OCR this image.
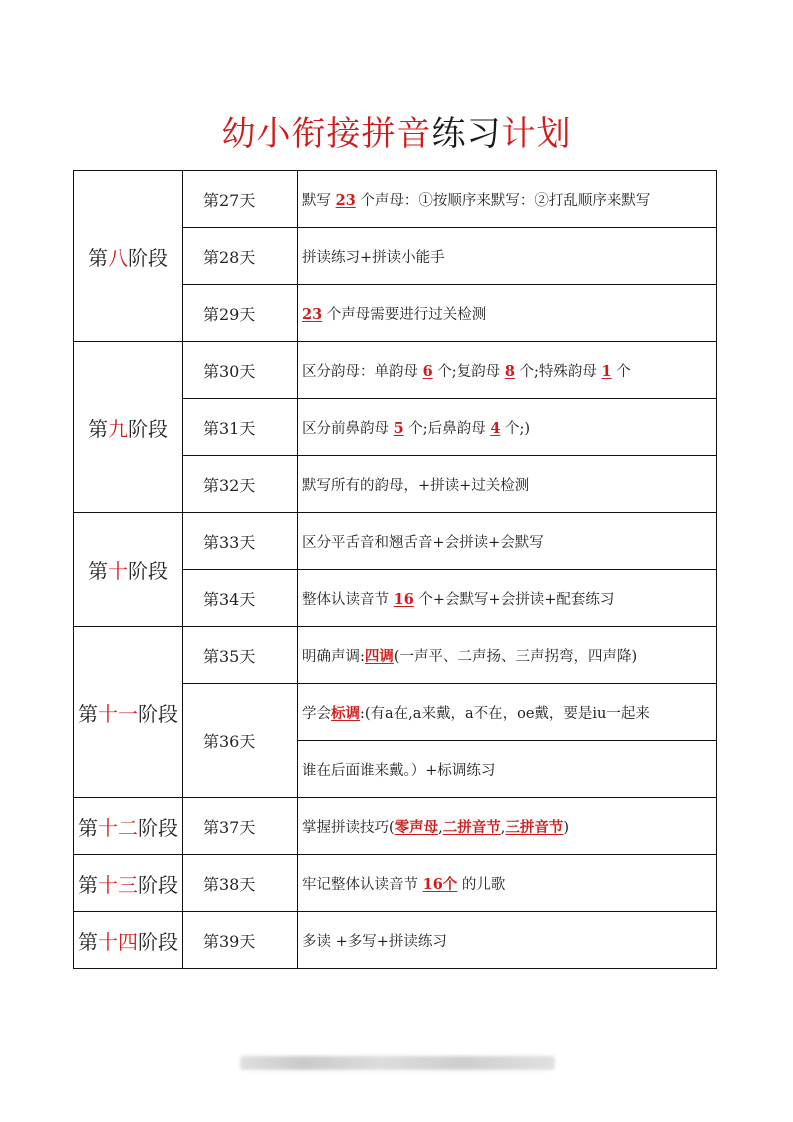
幼小衔接拼音练习计划
第八阶段	第27天	默写 23 个声母：①按顺序来默写：②打乱顺序来默写
	第28天	拼读练习+拼读小能手
	第29天	23 个声母需要进行过关检测
第九阶段	第30天	区分韵母：单韵母 6 个;复韵母 8 个;特殊韵母 1 个
	第31天	区分前鼻韵母 5 个;后鼻韵母 4 个;)
	第32天	默写所有的韵母，+拼读+过关检测
第十阶段	第33天	区分平舌音和翘舌音+会拼读+会默写
	第34天	整体认读音节 16 个+会默写+会拼读+配套练习
第十一阶段	第35天	明确声调:四调(一声平、二声扬、三声拐弯，四声降)
	第36天	学会标调:(有a在,a来戴，a不在，oe戴，要是iu一起来
		谁在后面谁来戴。）+标调练习
第十二阶段	第37天	掌握拼读技巧(零声母,二拼音节,三拼音节)
第十三阶段	第38天	牢记整体认读音节 16个 的儿歌
第十四阶段	第39天	多读 +多写+拼读练习
